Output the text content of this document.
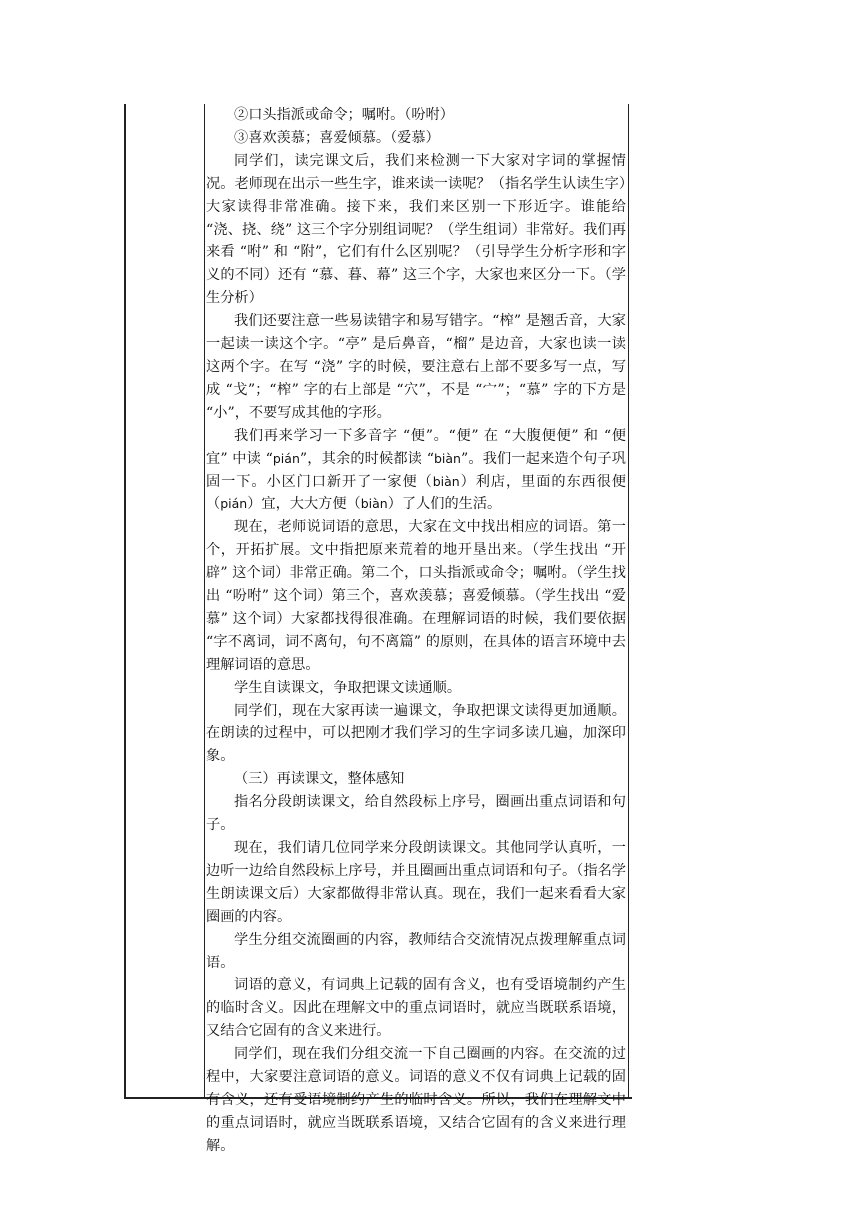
②口头指派或命令；嘱咐。（吩咐）

③喜欢羡慕；喜爱倾慕。（爱慕）

同学们，读完课文后，我们来检测一下大家对字词的掌握情况。老师现在出示一些生字，谁来读一读呢？（指名学生认读生字）大家读得非常准确。接下来，我们来区别一下形近字。谁能给 “浇、挠、绕” 这三个字分别组词呢？（学生组词）非常好。我们再来看 “咐” 和 “附”，它们有什么区别呢？（引导学生分析字形和字义的不同）还有 “慕、暮、幕” 这三个字，大家也来区分一下。（学生分析）

我们还要注意一些易读错字和易写错字。“榨” 是翘舌音，大家一起读一读这个字。“亭” 是后鼻音，“榴” 是边音，大家也读一读这两个字。在写 “浇” 字的时候，要注意右上部不要多写一点，写成 “戈”；“榨” 字的右上部是 “穴”，不是 “宀”；“慕” 字的下方是 “小”，不要写成其他的字形。

我们再来学习一下多音字 “便”。“便” 在 “大腹便便” 和 “便宜” 中读 “pián”，其余的时候都读 “biàn”。我们一起来造个句子巩固一下。小区门口新开了一家便（biàn）利店，里面的东西很便（pián）宜，大大方便（biàn）了人们的生活。

现在，老师说词语的意思，大家在文中找出相应的词语。第一个，开拓扩展。文中指把原来荒着的地开垦出来。（学生找出 “开辟” 这个词）非常正确。第二个，口头指派或命令；嘱咐。（学生找出 “吩咐” 这个词）第三个，喜欢羡慕；喜爱倾慕。（学生找出 “爱慕” 这个词）大家都找得很准确。在理解词语的时候，我们要依据 “字不离词，词不离句，句不离篇” 的原则，在具体的语言环境中去理解词语的意思。

学生自读课文，争取把课文读通顺。

同学们，现在大家再读一遍课文，争取把课文读得更加通顺。在朗读的过程中，可以把刚才我们学习的生字词多读几遍，加深印象。

（三）再读课文，整体感知

指名分段朗读课文，给自然段标上序号，圈画出重点词语和句子。

现在，我们请几位同学来分段朗读课文。其他同学认真听，一边听一边给自然段标上序号，并且圈画出重点词语和句子。（指名学生朗读课文后）大家都做得非常认真。现在，我们一起来看看大家圈画的内容。

学生分组交流圈画的内容，教师结合交流情况点拨理解重点词语。

词语的意义，有词典上记载的固有含义，也有受语境制约产生的临时含义。因此在理解文中的重点词语时，就应当既联系语境，又结合它固有的含义来进行。

同学们，现在我们分组交流一下自己圈画的内容。在交流的过程中，大家要注意词语的意义。词语的意义不仅有词典上记载的固有含义，还有受语境制约产生的临时含义。所以，我们在理解文中的重点词语时，就应当既联系语境，又结合它固有的含义来进行理解。
